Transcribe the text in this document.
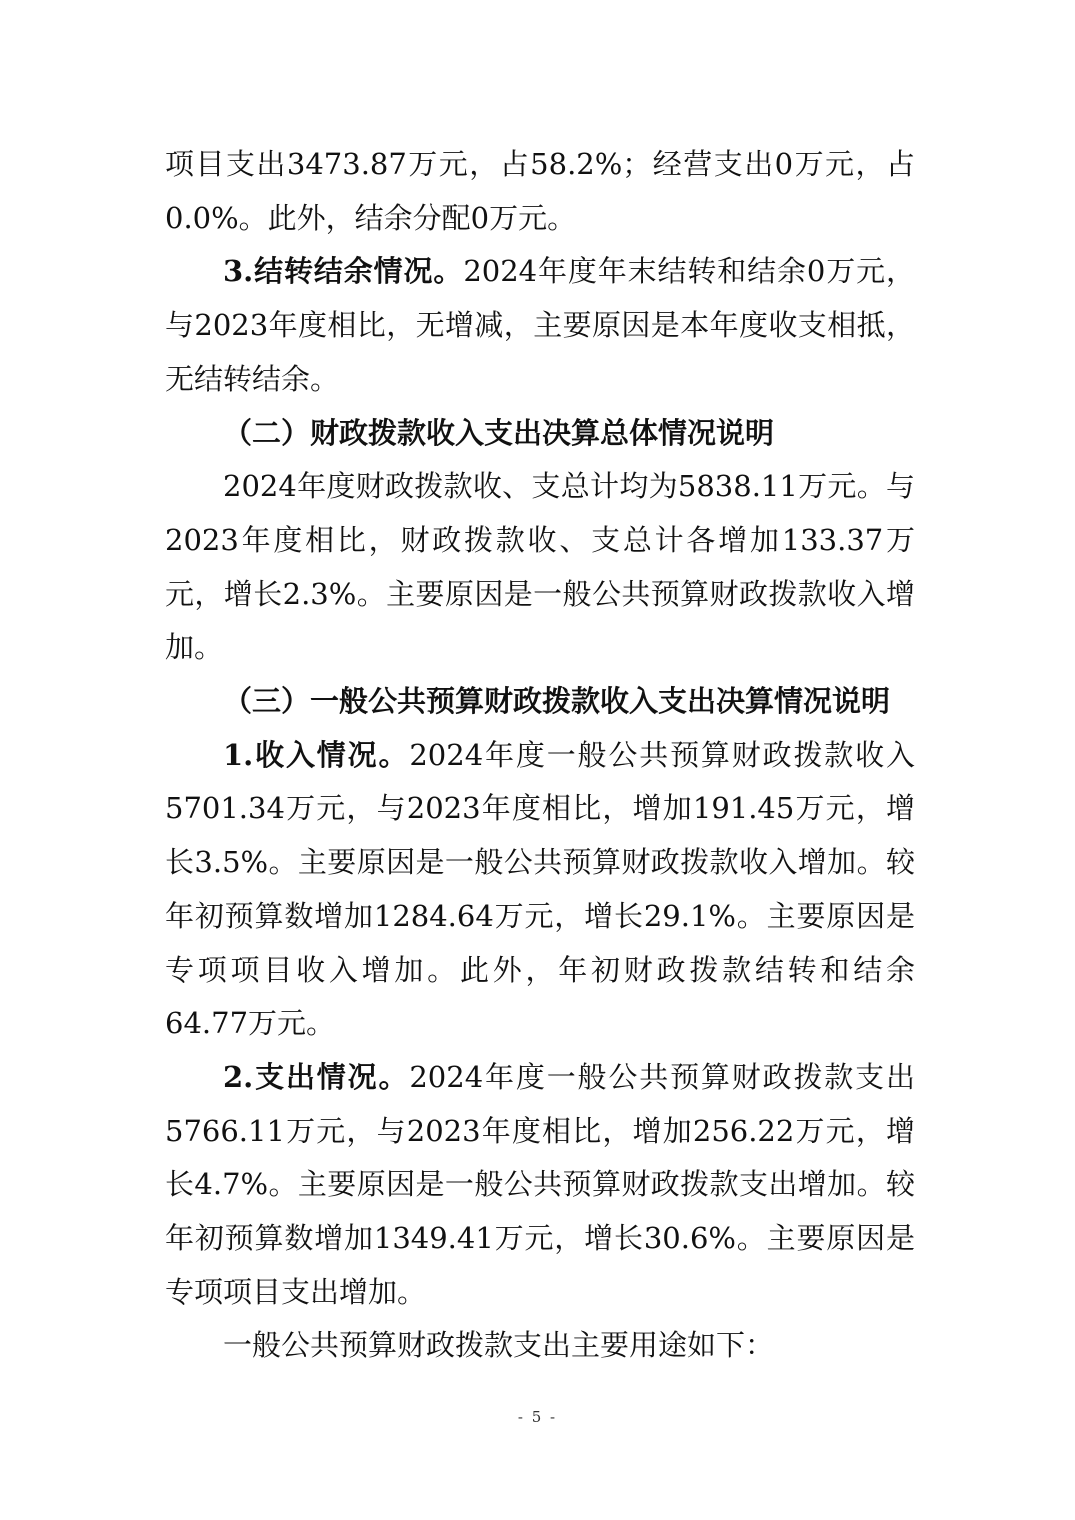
项目支出3473.87万元，占58.2%；经营支出0万元，占0.0%。此外，结余分配0万元。

3.结转结余情况。2024年度年末结转和结余0万元，与2023年度相比，无增减，主要原因是本年度收支相抵，无结转结余。

（二）财政拨款收入支出决算总体情况说明

2024年度财政拨款收、支总计均为5838.11万元。与2023年度相比，财政拨款收、支总计各增加133.37万元，增长2.3%。主要原因是一般公共预算财政拨款收入增加。

（三）一般公共预算财政拨款收入支出决算情况说明

1.收入情况。2024年度一般公共预算财政拨款收入5701.34万元，与2023年度相比，增加191.45万元，增长3.5%。主要原因是一般公共预算财政拨款收入增加。较年初预算数增加1284.64万元，增长29.1%。主要原因是专项项目收入增加。此外，年初财政拨款结转和结余64.77万元。

2.支出情况。2024年度一般公共预算财政拨款支出5766.11万元，与2023年度相比，增加256.22万元，增长4.7%。主要原因是一般公共预算财政拨款支出增加。较年初预算数增加1349.41万元，增长30.6%。主要原因是专项项目支出增加。

一般公共预算财政拨款支出主要用途如下：

- 5 -
